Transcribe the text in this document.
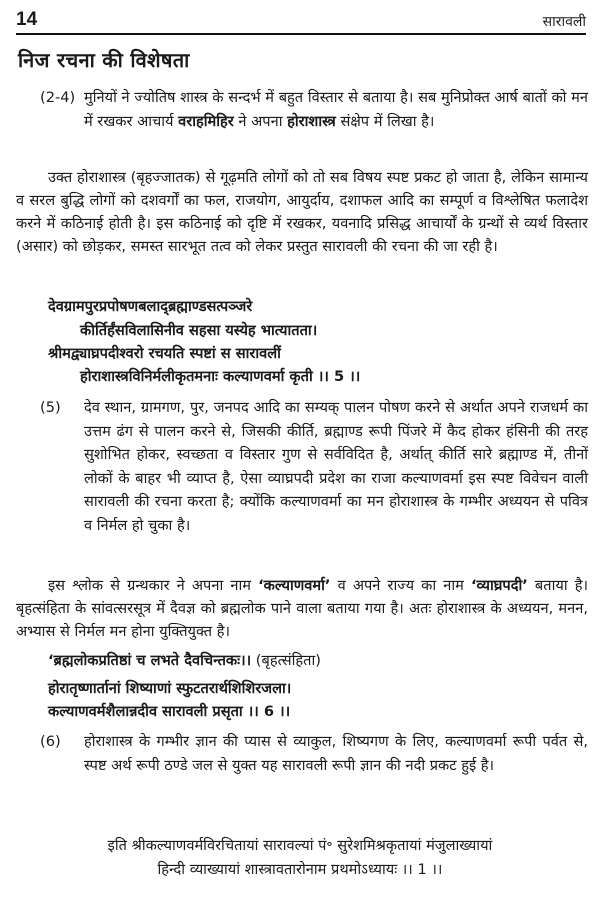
14	सारावली
निज रचना की विशेषता
(2-4) मुनियों ने ज्योतिष शास्त्र के सन्दर्भ में बहुत विस्तार से बताया है। सब मुनिप्रोक्त आर्ष बातों को मन में रखकर आचार्य वराहमिहिर ने अपना होराशास्त्र संक्षेप में लिखा है।
उक्त होराशास्त्र (बृहज्जातक) से गूढ़मति लोगों को तो सब विषय स्पष्ट प्रकट हो जाता है, लेकिन सामान्य व सरल बुद्धि लोगों को दशवर्गों का फल, राजयोग, आयुर्दाय, दशाफल आदि का सम्पूर्ण व विश्लेषित फलादेश करने में कठिनाई होती है। इस कठिनाई को दृष्टि में रखकर, यवनादि प्रसिद्ध आचार्यों के ग्रन्थों से व्यर्थ विस्तार (असार) को छोड़कर, समस्त सारभूत तत्व को लेकर प्रस्तुत सारावली की रचना की जा रही है।
देवग्रामपुरप्रपोषणबलाद्ब्रह्माण्डसत्पञ्जरे
कीर्तिर्हंसविलासिनीव सहसा यस्येह भात्यातता।
श्रीमद्व्याघ्रपदीश्वरो रचयति स्पष्टां स सारावलीं
होराशास्त्रविनिर्मलीकृतमनाः कल्याणवर्मा कृती ।। 5 ।।
(5) देव स्थान, ग्रामगण, पुर, जनपद आदि का सम्यक् पालन पोषण करने से अर्थात अपने राजधर्म का उत्तम ढंग से पालन करने से, जिसकी कीर्ति, ब्रह्माण्ड रूपी पिंजरे में कैद होकर हंसिनी की तरह सुशोभित होकर, स्वच्छता व विस्तार गुण से सर्वविदित है, अर्थात् कीर्ति सारे ब्रह्माण्ड में, तीनों लोकों के बाहर भी व्याप्त है, ऐसा व्याघ्रपदी प्रदेश का राजा कल्याणवर्मा इस स्पष्ट विवेचन वाली सारावली की रचना करता है; क्योंकि कल्याणवर्मा का मन होराशास्त्र के गम्भीर अध्ययन से पवित्र व निर्मल हो चुका है।
इस श्लोक से ग्रन्थकार ने अपना नाम ‘कल्याणवर्मा’ व अपने राज्य का नाम ‘व्याघ्रपदी’ बताया है। बृहत्संहिता के सांवत्सरसूत्र में दैवज्ञ को ब्रह्मलोक पाने वाला बताया गया है। अतः होराशास्त्र के अध्ययन, मनन, अभ्यास से निर्मल मन होना युक्तियुक्त है।
‘ब्रह्मलोकप्रतिष्ठां च लभते दैवचिन्तकः।। (बृहत्संहिता)
होरातृष्णार्तानां शिष्याणां स्फुटतरार्थशिशिरजला।
कल्याणवर्मशैलान्नदीव सारावली प्रसृता ।। 6 ।।
(6) होराशास्त्र के गम्भीर ज्ञान की प्यास से व्याकुल, शिष्यगण के लिए, कल्याणवर्मा रूपी पर्वत से, स्पष्ट अर्थ रूपी ठण्डे जल से युक्त यह सारावली रूपी ज्ञान की नदी प्रकट हुई है।
इति श्रीकल्याणवर्मविरचितायां सारावल्यां पं॰ सुरेशमिश्रकृतायां मंजुलाख्यायां
हिन्दी व्याख्यायां शास्त्रावतारोनाम प्रथमोऽध्यायः ।। 1 ।।
